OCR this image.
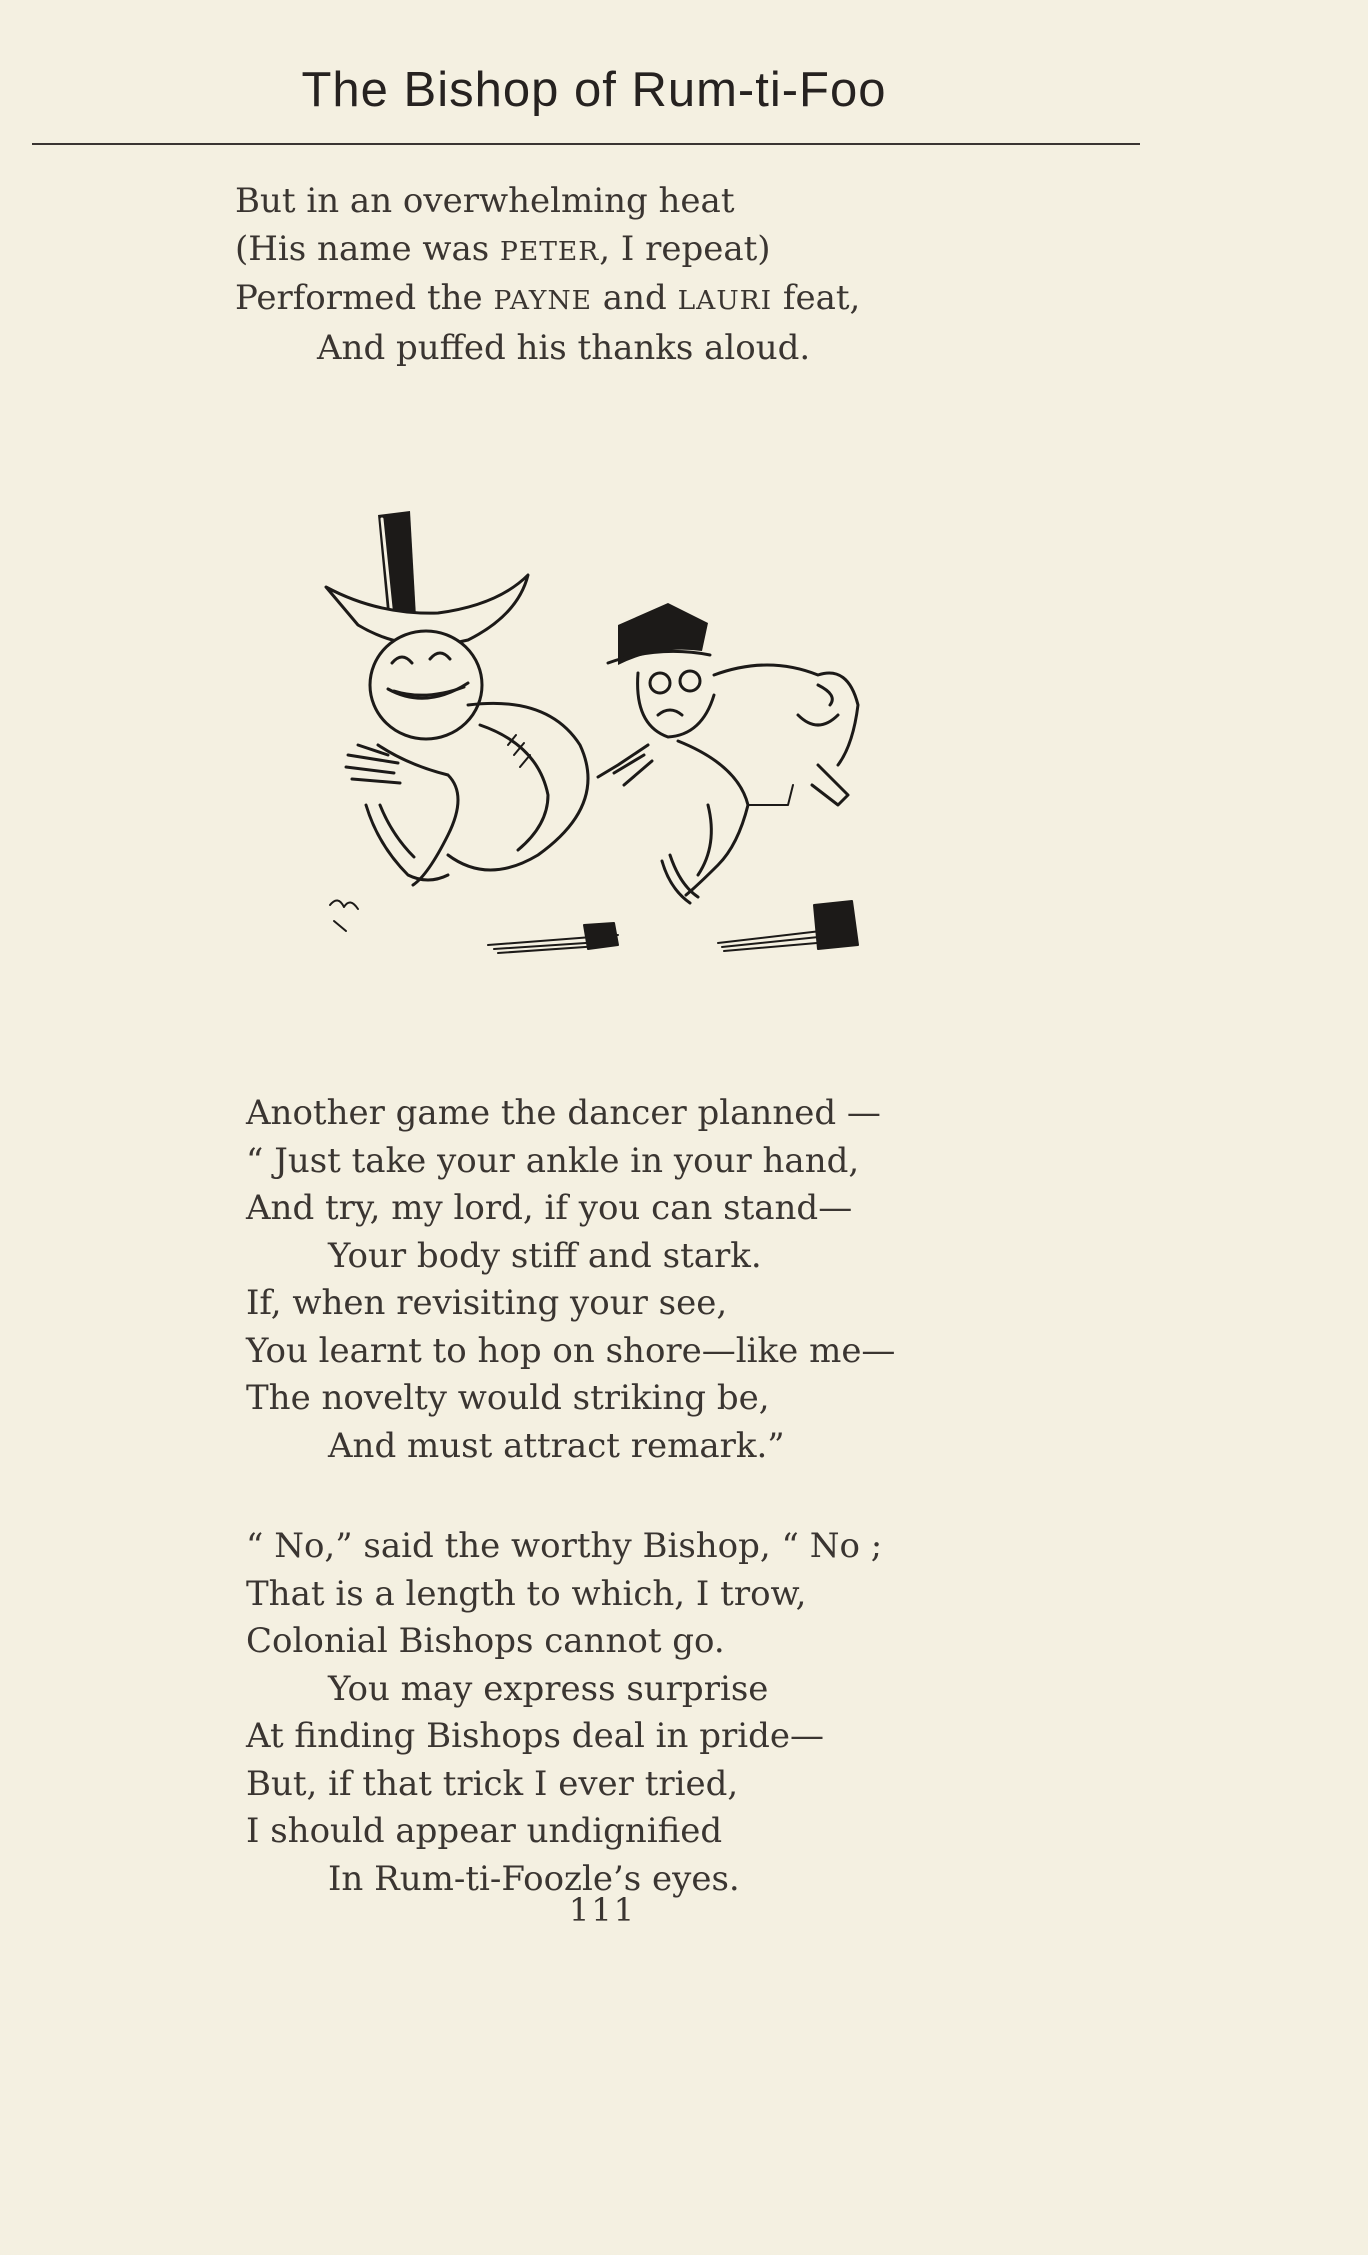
The Bishop of Rum-ti-Foo
But in an overwhelming heat
(His name was PETER, I repeat)
Performed the PAYNE and LAURI feat,
And puffed his thanks aloud.
Another game the dancer planned —
“ Just take your ankle in your hand,
And try, my lord, if you can stand—
Your body stiff and stark.
If, when revisiting your see,
You learnt to hop on shore—like me—
The novelty would striking be,
And must attract remark.”
“ No,” said the worthy Bishop, “ No ;
That is a length to which, I trow,
Colonial Bishops cannot go.
You may express surprise
At finding Bishops deal in pride—
But, if that trick I ever tried,
I should appear undignified
In Rum-ti-Foozle’s eyes.
111
